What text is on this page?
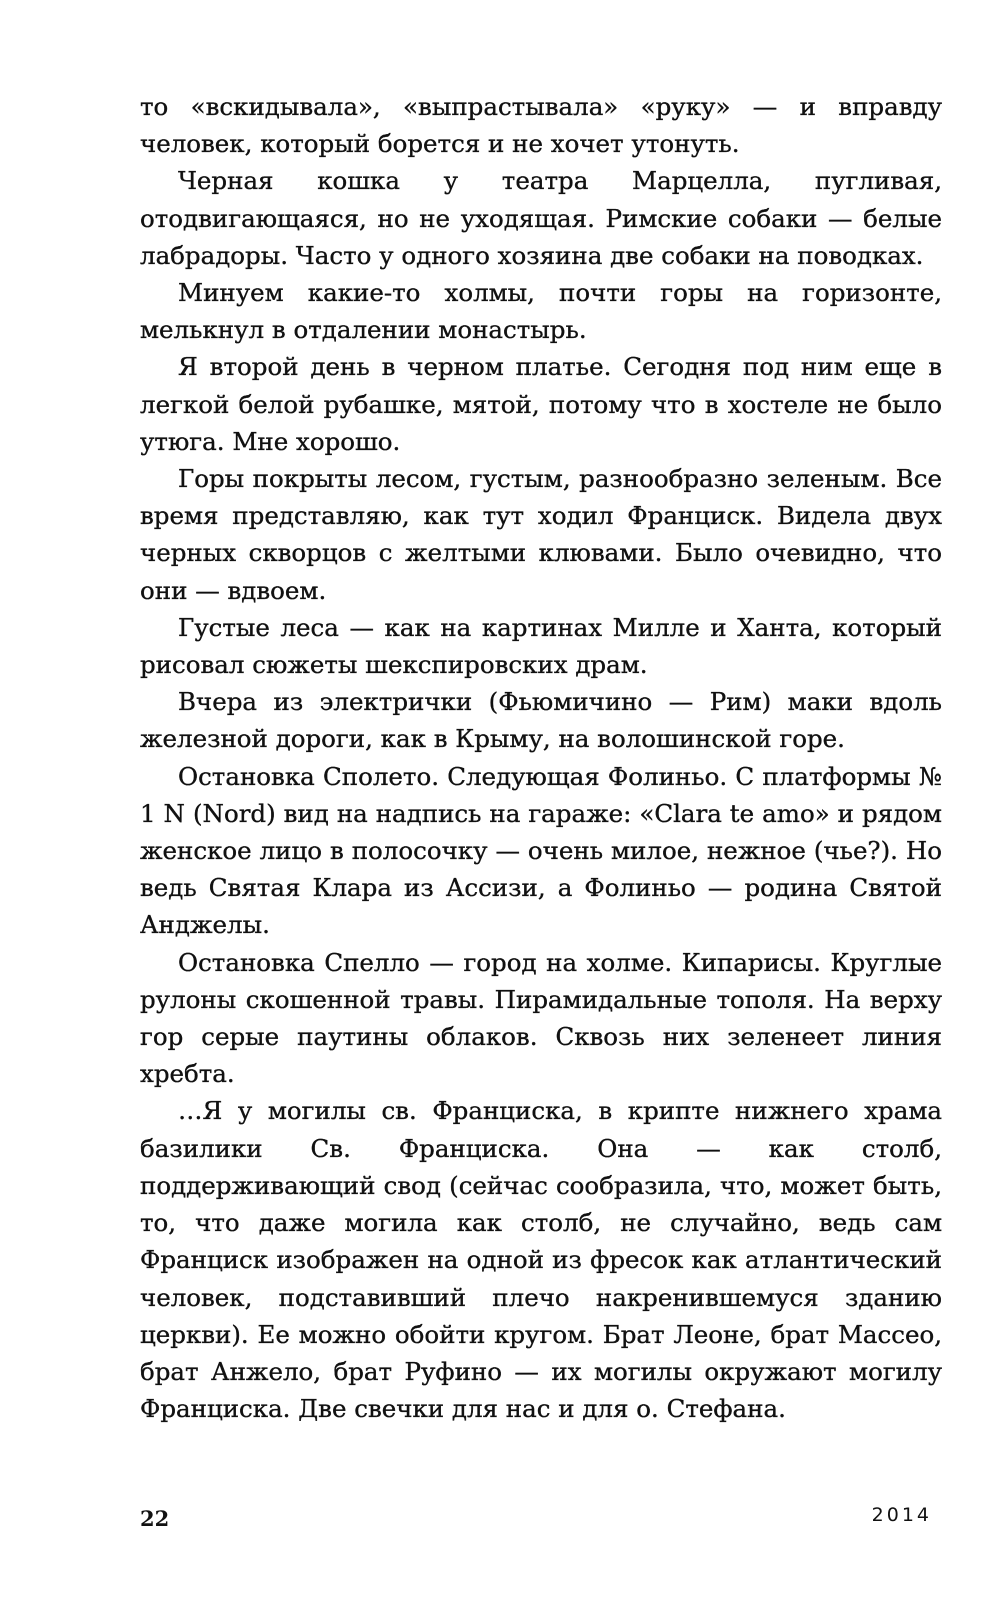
то «вскидывала», «выпрастывала» «руку» — и вправду человек, который борется и не хочет утонуть.

Черная кошка у театра Марцелла, пугливая, отодвигающаяся, но не уходящая. Римские собаки — белые лабрадоры. Часто у одного хозяина две собаки на поводках.

Минуем какие-то холмы, почти горы на горизонте, мелькнул в отдалении монастырь.

Я второй день в черном платье. Сегодня под ним еще в легкой белой рубашке, мятой, потому что в хостеле не было утюга. Мне хорошо.

Горы покрыты лесом, густым, разнообразно зеленым. Все время представляю, как тут ходил Франциск. Видела двух черных скворцов с желтыми клювами. Было очевидно, что они — вдвоем.

Густые леса — как на картинах Милле и Ханта, который рисовал сюжеты шекспировских драм.

Вчера из электрички (Фьюмичино — Рим) маки вдоль железной дороги, как в Крыму, на волошинской горе.

Остановка Сполето. Следующая Фолиньо. С платформы № 1 N (Nord) вид на надпись на гараже: «Clara te amo» и рядом женское лицо в полосочку — очень милое, нежное (чье?). Но ведь Святая Клара из Ассизи, а Фолиньо — родина Святой Анджелы.

Остановка Спелло — город на холме. Кипарисы. Круглые рулоны скошенной травы. Пирамидальные тополя. На верху гор серые паутины облаков. Сквозь них зеленеет линия хребта.

…Я у могилы св. Франциска, в крипте нижнего храма базилики Св. Франциска. Она — как столб, поддерживающий свод (сейчас сообразила, что, может быть, то, что даже могила как столб, не случайно, ведь сам Франциск изображен на одной из фресок как атлантический человек, подставивший плечо накренившемуся зданию церкви). Ее можно обойти кругом. Брат Леоне, брат Массео, брат Анжело, брат Руфино — их могилы окружают могилу Франциска. Две свечки для нас и для о. Стефана.

22	2014
